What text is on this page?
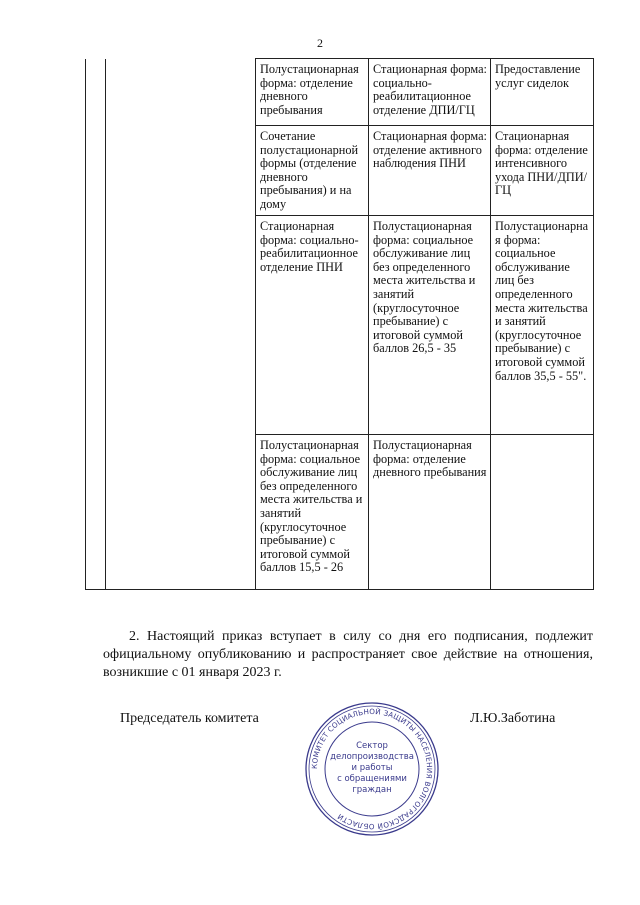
2
		Полустационарная форма: отделение дневного пребывания	Стационарная форма: социально-реабилитационное отделение ДПИ/ГЦ	Предоставление услуг сиделок
		Сочетание полустационарной формы (отделение дневного пребывания) и на дому	Стационарная форма: отделение активного наблюдения ПНИ	Стационарная форма: отделение интенсивного ухода ПНИ/ДПИ/ГЦ
		Стационарная форма: социально-реабилитационное отделение ПНИ	Полустационарная форма: социальное обслуживание лиц без определенного места жительства и занятий (круглосуточное пребывание) с итоговой суммой баллов 26,5 - 35	Полустационарная форма: социальное обслуживание лиц без определенного места жительства и занятий (круглосуточное пребывание) с итоговой суммой баллов 35,5 - 55".
		Полустационарная форма: социальное обслуживание лиц без определенного места жительства и занятий (круглосуточное пребывание) с итоговой суммой баллов 15,5 - 26	Полустационарная форма: отделение дневного пребывания	
2. Настоящий приказ вступает в силу со дня его подписания, подлежит официальному опубликованию и распространяет свое действие на отношения, возникшие с 01 января 2023 г.
Председатель комитета	Л.Ю.Заботина
КОМИТЕТ СОЦИАЛЬНОЙ ЗАЩИТЫ НАСЕЛЕНИЯ ВОЛГОГРАДСКОЙ ОБЛАСТИ
Сектор
делопроизводства
и работы
с обращениями
граждан
